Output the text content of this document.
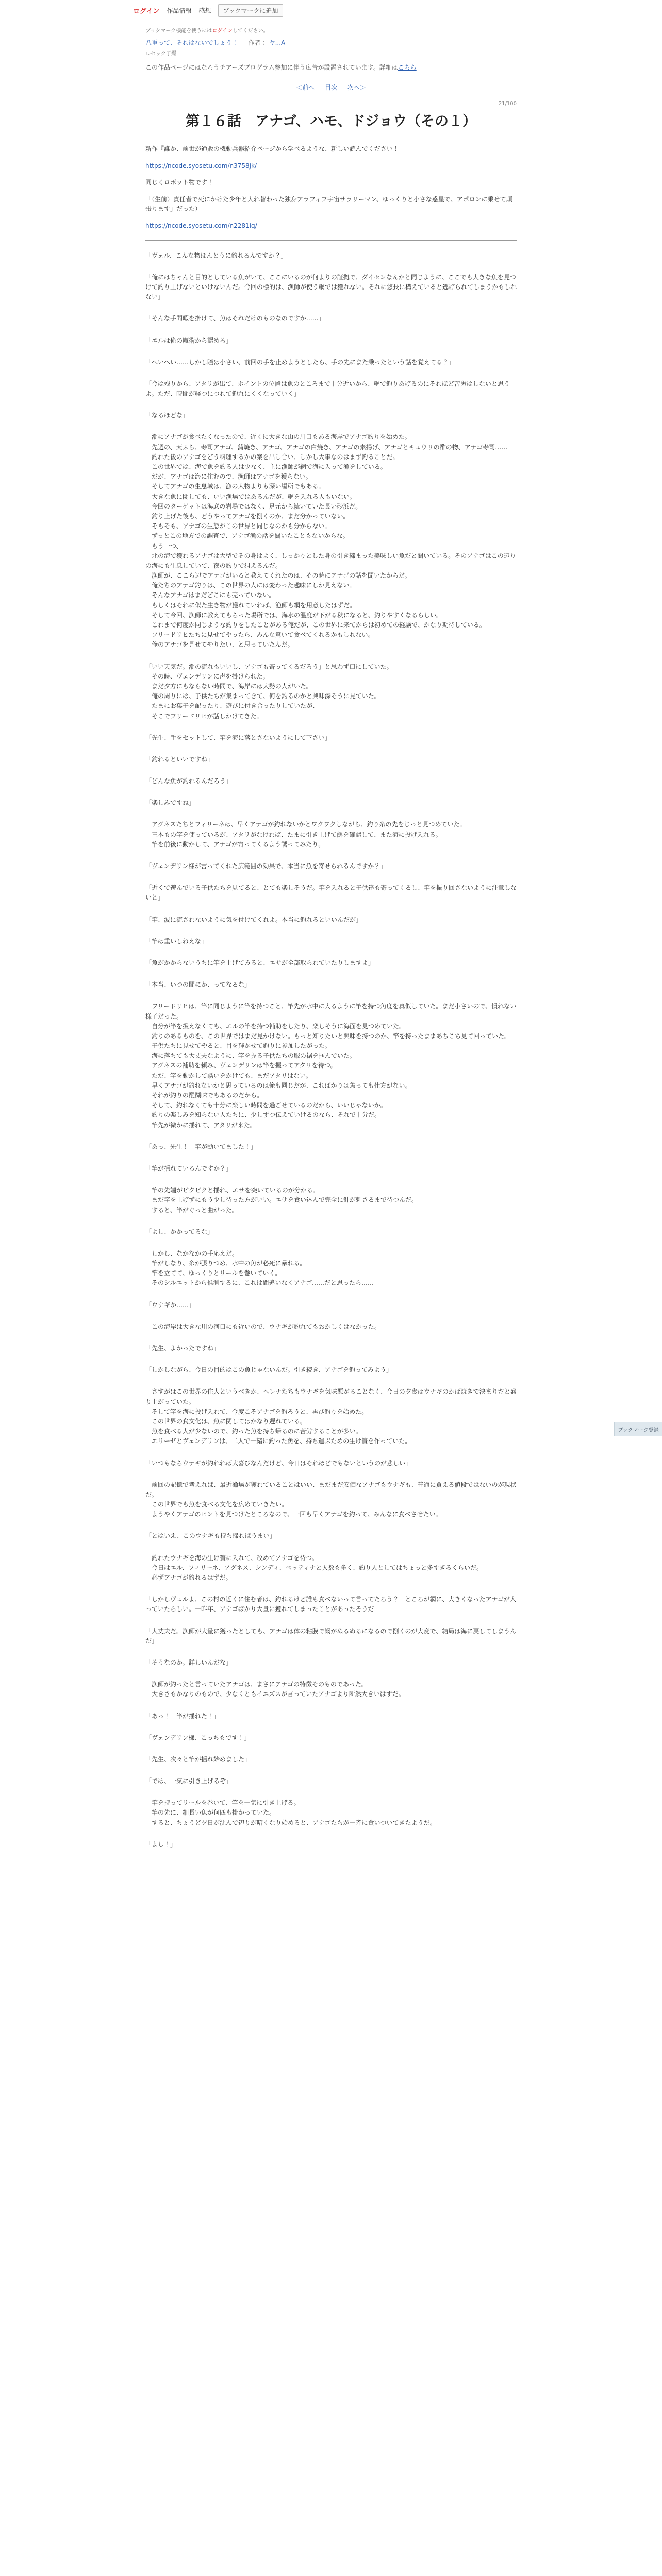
ログイン 作品情報 感想	ブックマークに追加
ブックマーク機能を使うにはログインしてください。
八重って、それはないでしょう！ 作者： ヤ...A
ルセック子爆
この作品ページにはなろうチアーズプログラム参加に伴う広告が設置されています。詳細はこちら
＜前へ 目次 次へ＞
21/100
第１６話　アナゴ、ハモ、ドジョウ（その１）
新作『誰か、前世が通販の機動兵器紹介ページから学べるような、新しい読んでください！
https://ncode.syosetu.com/n3758jk/
同じくロボット物です！
「（生前）責任者で死にかけた少年と入れ替わった独身アラフィフ宇宙サラリーマン、ゆっくりと小さな惑星で、アポロンに乗せて頑張ります」だった）
https://ncode.syosetu.com/n2281iq/

「ヴェル、こんな物ほんとうに釣れるんですか？」

「俺にはちゃんと目的としている魚がいて、ここにいるのが何よりの証拠で、ダイセンなんかと同じように、ここでも大きな魚を見つけて釣り上げないといけないんだ。今回の標的は、漁師が使う網では獲れない。それに悠長に構えていると逃げられてしまうかもしれない」

「そんな手間暇を掛けて、魚はそれだけのものなのですか……」

「エルは俺の魔術から認めろ」

「へいへい……しかし瞳は小さい、前回の手を止めようとしたら、手の先にまた乗ったという話を覚えてる？」

「今は残りから、アタリが出て、ポイントの位置は魚のところまで十分近いから、網で釣りあげるのにそれほど苦労はしないと思うよ。ただ、時間が経つにつれて釣れにくくなっていく」

「なるほどな」

　潮にアナゴが食べたくなったので、近くに大きな山の川口もある海岸でアナゴ釣りを始めた。
　先週の、天ぷら、寿司アナゴ、蒲焼き、アナゴ、アナゴの白焼き、アナゴの素揚げ、アナゴとキュウリの酢の物、アナゴ寿司……
　釣れた後のアナゴをどう料理するかの案を出し合い、しかし大事なのはまず釣ることだ。
　この世界では、海で魚を釣る人は少なく、主に漁師が網で海に入って漁をしている。
　だが、アナゴは海に住むので、漁師はアナゴを獲らない。
　そしてアナゴの生息域は、漁の大物よりも深い場所でもある。
　大きな魚に関しても、いい漁場ではあるんだが、網を入れる人もいない。
　今回のターゲットは海底の岩場ではなく、足元から続いていた長い砂浜だ。
　釣り上げた後も、どうやってアナゴを捌くのか、まだ分かっていない。
　そもそも、アナゴの生態がこの世界と同じなのかも分からない。
　ずっとこの地方での調査で、アナゴ漁の話を聞いたこともないからな。
　もう一つ、
　北の海で獲れるアナゴは大型でその身はよく、しっかりとした身の引き締まった美味しい魚だと聞いている。そのアナゴはこの辺りの海にも生息していて、夜の釣りで狙えるんだ。
　漁師が、ここら辺でアナゴがいると教えてくれたのは、その時にアナゴの話を聞いたからだ。
　俺たちのアナゴ釣りは、この世界の人には変わった趣味にしか見えない。
　そんなアナゴはまだどこにも売っていない。
　もしくはそれに似た生き物が獲れていれば、漁師も網を用意したはずだ。
　そして今回、漁師に教えてもらった場所では、海水の温度が下がる秋になると、釣りやすくなるらしい。
　これまで何度か同じような釣りをしたことがある俺だが、この世界に来てからは初めての経験で、かなり期待している。
　フリードリヒたちに見せてやったら、みんな驚いて食べてくれるかもしれない。
　俺のアナゴを見せてやりたい、と思っていたんだ。

「いい天気だ。潮の流れもいいし、アナゴも寄ってくるだろう」と思わず口にしていた。
　その時、ヴェンデリンに声を掛けられた。
　まだ夕方にもならない時間で、海岸には大勢の人がいた。
　俺の周りには、子供たちが集まってきて、何を釣るのかと興味深そうに見ていた。
　たまにお菓子を配ったり、遊びに付き合ったりしていたが、
　そこでフリードリヒが話しかけてきた。

「先生、手をセットして、竿を海に落とさないようにして下さい」

「釣れるといいですね」

「どんな魚が釣れるんだろう」

「楽しみですね」

　アグネスたちとフィリーネは、早くアナゴが釣れないかとワクワクしながら、釣り糸の先をじっと見つめていた。
　三本もの竿を使っているが、アタリがなければ、たまに引き上げて餌を確認して、また海に投げ入れる。
　竿を前後に動かして、アナゴが寄ってくるよう誘ってみたり。

「ヴェンデリン様が言ってくれた広範囲の効果で、本当に魚を寄せられるんですか？」

「近くで遊んでいる子供たちを見てると、とても楽しそうだ。竿を入れると子供達も寄ってくるし、竿を振り回さないように注意しないと」

「竿、波に流されないように気を付けてくれよ。本当に釣れるといいんだが」

「竿は重いしねえな」

「魚がかからないうちに竿を上げてみると、エサが全部取られていたりしますよ」

「本当、いつの間にか、ってなるな」

　フリードリヒは、竿に同じように竿を持つこと、竿先が水中に入るように竿を持つ角度を真似していた。まだ小さいので、慣れない様子だった。
　自分が竿を扱えなくても、エルの竿を持つ補助をしたり、楽しそうに海面を見つめていた。
　釣りのあるものを、この世界ではまだ見かけない。もっと知りたいと興味を持つのか、竿を持ったままあちこち見て回っていた。
　子供たちに見せてやると、目を輝かせて釣りに参加したがった。
　海に落ちても大丈夫なように、竿を握る子供たちの服の裾を掴んでいた。
　アグネスの補助を頼み、ヴェンデリンは竿を握ってアタリを待つ。
　ただ、竿を動かして誘いをかけても、まだアタリはない。
　早くアナゴが釣れないかと思っているのは俺も同じだが、こればかりは焦っても仕方がない。
　それが釣りの醍醐味でもあるのだから。
　そして、釣れなくても十分に楽しい時間を過ごせているのだから、いいじゃないか。
　釣りの楽しみを知らない人たちに、少しずつ伝えていけるのなら、それで十分だ。
　竿先が微かに揺れて、アタリが来た。

「あっ、先生！　竿が動いてました！」

「竿が揺れているんですか？」

　竿の先端がピクピクと揺れ、エサを突いているのが分かる。
　まだ竿を上げずにもう少し待った方がいい。エサを食い込んで完全に針が刺さるまで待つんだ。
　すると、竿がぐっと曲がった。

「よし、かかってるな」

　しかし、なかなかの手応えだ。
　竿がしなり、糸が張りつめ、水中の魚が必死に暴れる。
　竿を立てて、ゆっくりとリールを巻いていく。
　そのシルエットから推測するに、これは間違いなくアナゴ……だと思ったら……

「ウナギか……」

　この海岸は大きな川の河口にも近いので、ウナギが釣れてもおかしくはなかった。

「先生、よかったですね」

「しかしながら、今日の目的はこの魚じゃないんだ。引き続き、アナゴを釣ってみよう」

　さすがはこの世界の住人というべきか、ヘレナたちもウナギを気味悪がることなく、今日の夕食はウナギのかば焼きで決まりだと盛り上がっていた。
　そして竿を海に投げ入れて、今度こそアナゴを釣ろうと、再び釣りを始めた。
　この世界の食文化は、魚に関してはかなり遅れている。
　魚を食べる人が少ないので、釣った魚を持ち帰るのに苦労することが多い。
　エリーゼとヴェンデリンは、二人で一緒に釣った魚を、持ち運ぶための生け簀を作っていた。

「いつもならウナギが釣れれば大喜びなんだけど、今日はそれほどでもないというのが悲しい」

　前回の記憶で考えれば、最近漁場が獲れていることはいい、まだまだ安価なアナゴもウナギも、普通に買える値段ではないのが現状だ。
　この世界でも魚を食べる文化を広めていきたい。
　ようやくアナゴのヒントを見つけたところなので、一回も早くアナゴを釣って、みんなに食べさせたい。

「とはいえ、このウナギも持ち帰ればうまい」

　釣れたウナギを海の生け簀に入れて、改めてアナゴを待つ。
　今日はエル、フィリーネ、アグネス、シンディ、ベッティナと人数も多く、釣り人としてはちょっと多すぎるくらいだ。
　必ずアナゴが釣れるはずだ。

「しかしヴェルよ、この村の近くに住む者は、釣れるけど誰も食べないって言ってたろう？　ところが網に、大きくなったアナゴが入っていたらしい。一昨年、アナゴばかり大量に獲れてしまったことがあったそうだ」

「大丈夫だ。漁師が大量に獲ったとしても、アナゴは体の粘膜で網がぬるぬるになるので捌くのが大変で、結局は海に戻してしまうんだ」

「そうなのか。詳しいんだな」

　漁師が釣ったと言っていたアナゴは、まさにアナゴの特徴そのものであった。
　大きさもかなりのもので、少なくともイエズスが言っていたアナゴより断然大きいはずだ。

「あっ！　竿が揺れた！」

「ヴェンデリン様、こっちもです！」

「先生、次々と竿が揺れ始めました」

「では、一気に引き上げるぞ」

　竿を持ってリールを巻いて、竿を一気に引き上げる。
　竿の先に、細長い魚が何匹も掛かっていた。
　すると、ちょうど夕日が沈んで辺りが暗くなり始めると、アナゴたちが一斉に食いついてきたようだ。

「よし！」

ブックマーク登録
